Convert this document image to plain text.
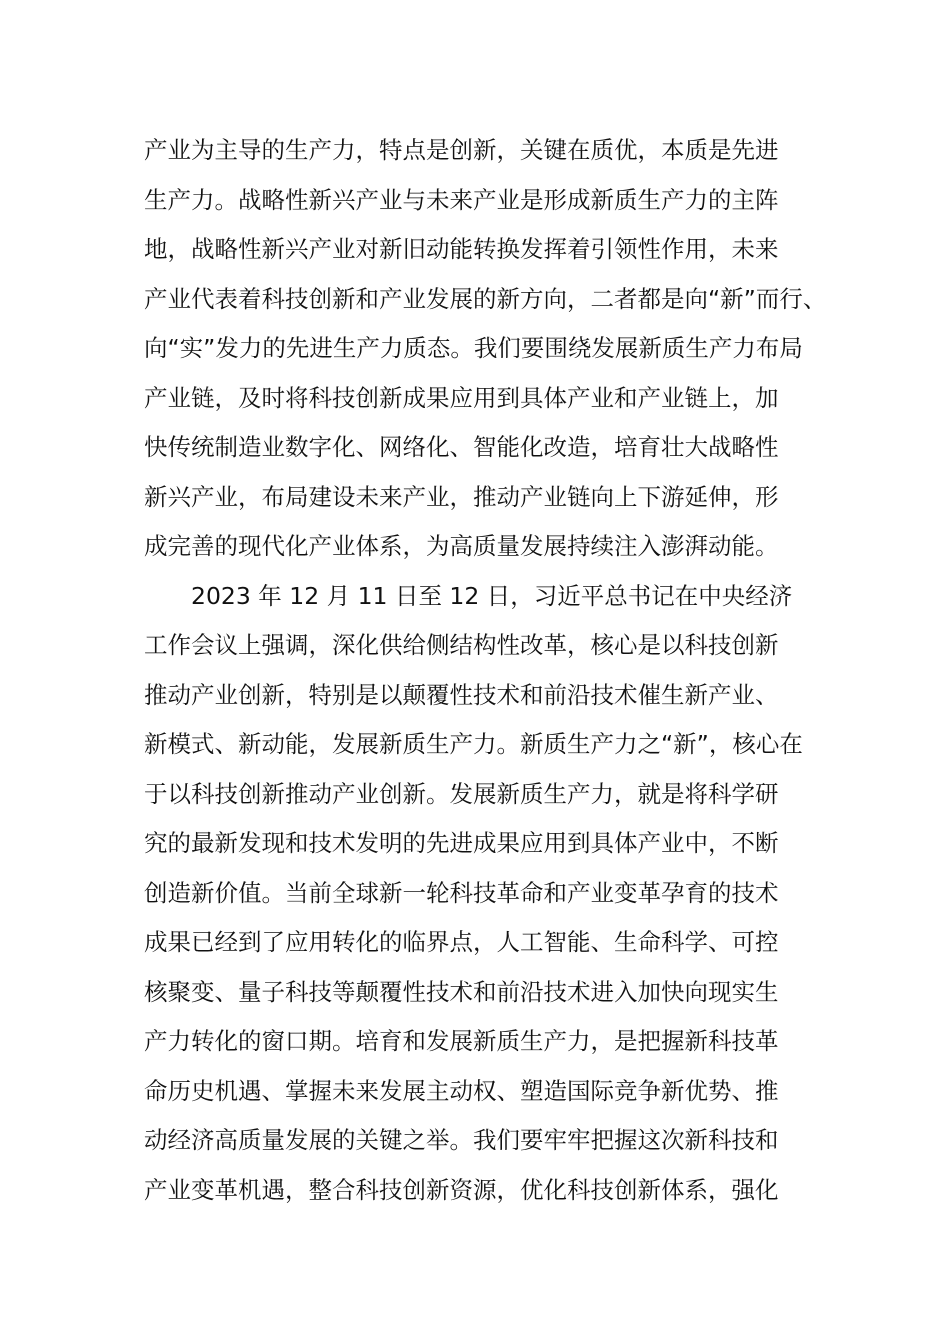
产业为主导的生产力，特点是创新，关键在质优，本质是先进
生产力。战略性新兴产业与未来产业是形成新质生产力的主阵
地，战略性新兴产业对新旧动能转换发挥着引领性作用，未来
产业代表着科技创新和产业发展的新方向，二者都是向“新”而行、
向“实”发力的先进生产力质态。我们要围绕发展新质生产力布局
产业链，及时将科技创新成果应用到具体产业和产业链上，加
快传统制造业数字化、网络化、智能化改造，培育壮大战略性
新兴产业，布局建设未来产业，推动产业链向上下游延伸，形
成完善的现代化产业体系，为高质量发展持续注入澎湃动能。
2023 年 12 月 11 日至 12 日，习近平总书记在中央经济
工作会议上强调，深化供给侧结构性改革，核心是以科技创新
推动产业创新，特别是以颠覆性技术和前沿技术催生新产业、
新模式、新动能，发展新质生产力。新质生产力之“新”，核心在
于以科技创新推动产业创新。发展新质生产力，就是将科学研
究的最新发现和技术发明的先进成果应用到具体产业中，不断
创造新价值。当前全球新一轮科技革命和产业变革孕育的技术
成果已经到了应用转化的临界点，人工智能、生命科学、可控
核聚变、量子科技等颠覆性技术和前沿技术进入加快向现实生
产力转化的窗口期。培育和发展新质生产力，是把握新科技革
命历史机遇、掌握未来发展主动权、塑造国际竞争新优势、推
动经济高质量发展的关键之举。我们要牢牢把握这次新科技和
产业变革机遇，整合科技创新资源，优化科技创新体系，强化
